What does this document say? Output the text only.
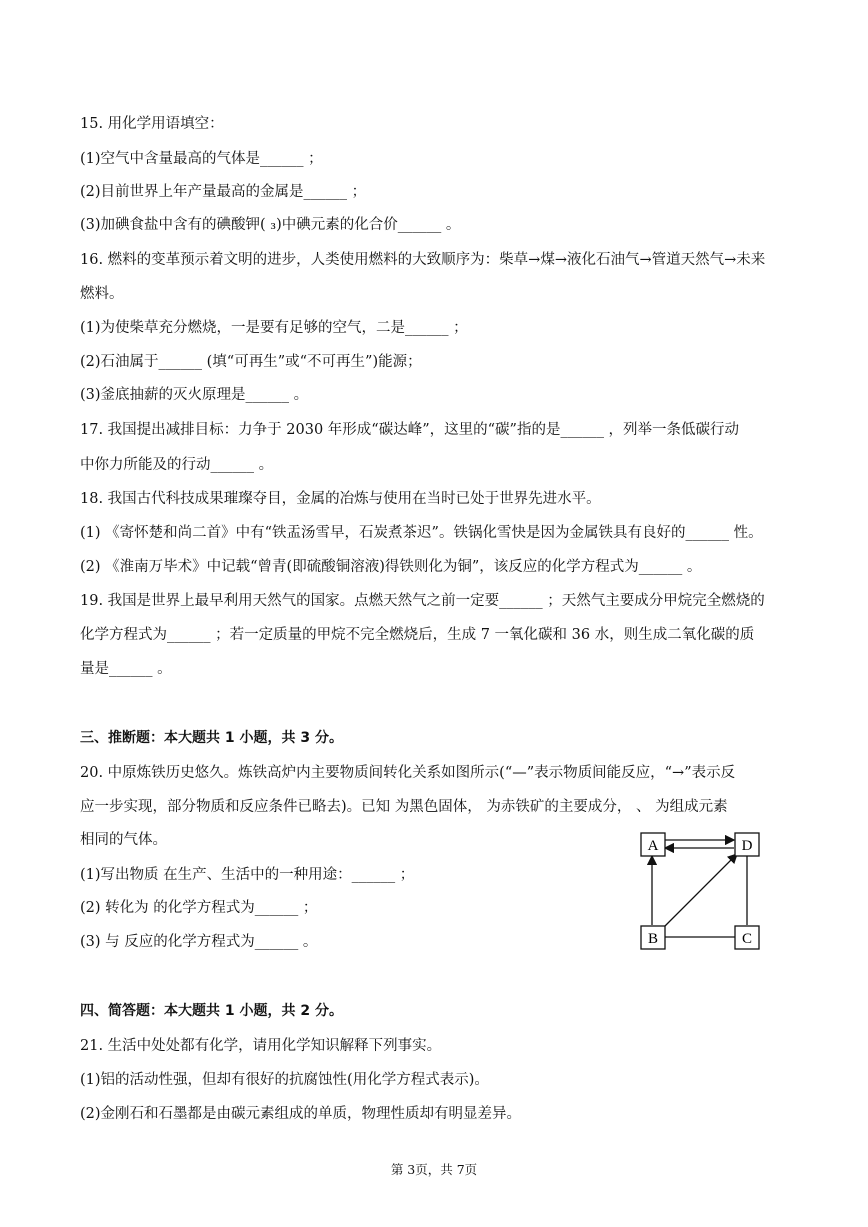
15. 用化学用语填空：
(1)空气中含量最高的气体是______ ；
(2)目前世界上年产量最高的金属是______ ；
(3)加碘食盐中含有的碘酸钾( ₃)中碘元素的化合价______ 。
16. 燃料的变革预示着文明的进步，人类使用燃料的大致顺序为：柴草→煤→液化石油气→管道天然气→未来
燃料。
(1)为使柴草充分燃烧，一是要有足够的空气，二是______ ；
(2)石油属于______ (填“可再生”或“不可再生”)能源；
(3)釜底抽薪的灭火原理是______ 。
17. 我国提出减排目标：力争于 2030 年形成“碳达峰”，这里的“碳”指的是______ ，列举一条低碳行动
中你力所能及的行动______ 。
18. 我国古代科技成果璀璨夺目，金属的冶炼与使用在当时已处于世界先进水平。
(1) 《寄怀楚和尚二首》中有“铁盂汤雪早，石炭煮茶迟”。铁锅化雪快是因为金属铁具有良好的______ 性。
(2) 《淮南万毕术》中记载“曾青(即硫酸铜溶液)得铁则化为铜”，该反应的化学方程式为______ 。
19. 我国是世界上最早利用天然气的国家。点燃天然气之前一定要______ ；天然气主要成分甲烷完全燃烧的
化学方程式为______ ；若一定质量的甲烷不完全燃烧后，生成 7 一氧化碳和 36 水，则生成二氧化碳的质
量是______ 。
三、推断题：本大题共 1 小题，共 3 分。
20. 中原炼铁历史悠久。炼铁高炉内主要物质间转化关系如图所示(“—”表示物质间能反应，“→”表示反
应一步实现，部分物质和反应条件已略去)。已知 为黑色固体， 为赤铁矿的主要成分， 、 为组成元素
相同的气体。
(1)写出物质 在生产、生活中的一种用途：______ ；
(2) 转化为 的化学方程式为______ ；
(3) 与 反应的化学方程式为______ 。
A	D
B	C
四、简答题：本大题共 1 小题，共 2 分。
21. 生活中处处都有化学，请用化学知识解释下列事实。
(1)铝的活动性强，但却有很好的抗腐蚀性(用化学方程式表示)。
(2)金刚石和石墨都是由碳元素组成的单质，物理性质却有明显差异。
第 3页，共 7页
